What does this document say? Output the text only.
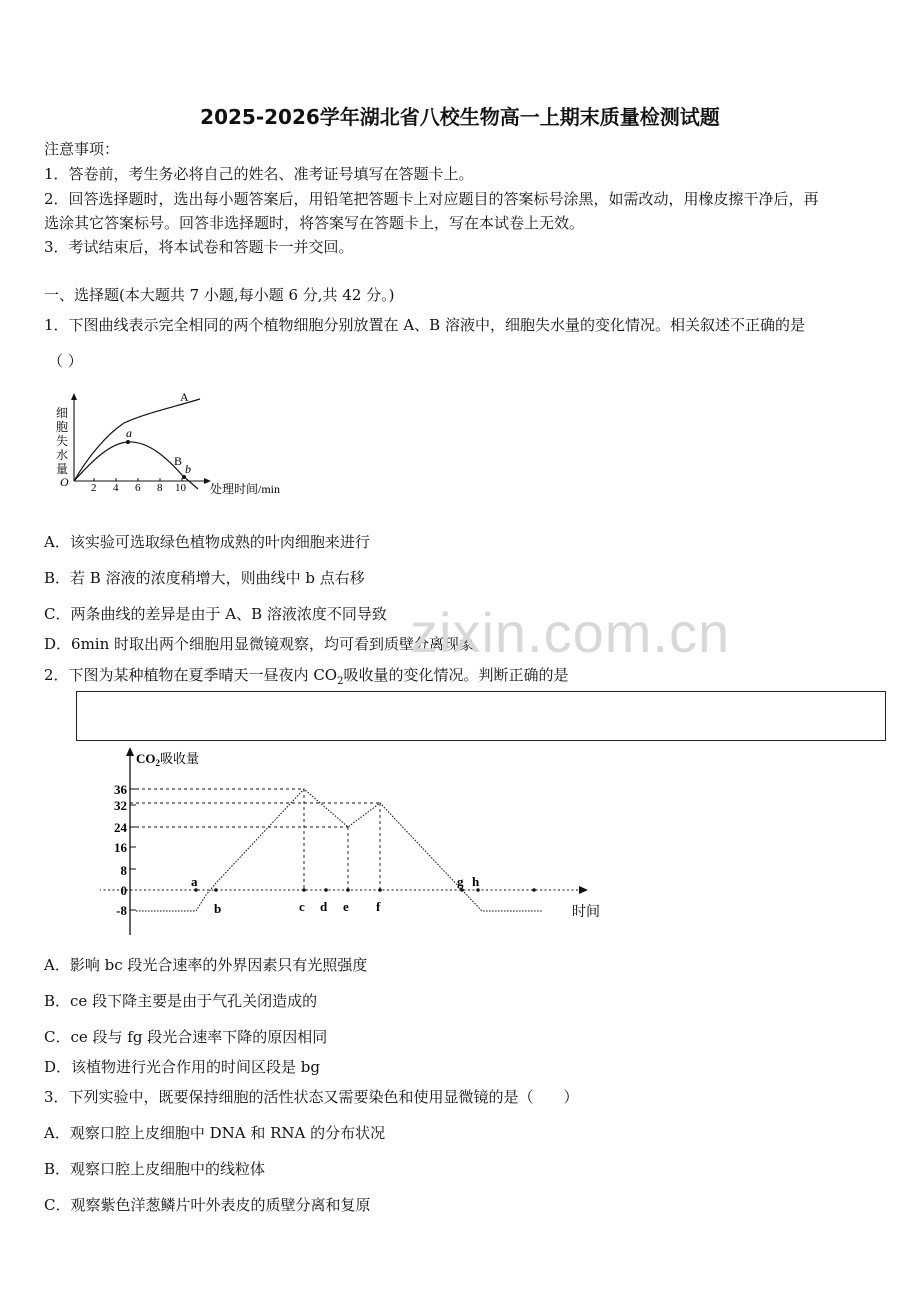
2025-2026学年湖北省八校生物高一上期末质量检测试题
注意事项：
1．答卷前，考生务必将自己的姓名、准考证号填写在答题卡上。
2．回答选择题时，选出每小题答案后，用铅笔把答题卡上对应题目的答案标号涂黑，如需改动，用橡皮擦干净后，再
选涂其它答案标号。回答非选择题时，将答案写在答题卡上，写在本试卷上无效。
3．考试结束后，将本试卷和答题卡一并交回。
一、选择题(本大题共 7 小题,每小题 6 分,共 42 分。)
1．下图曲线表示完全相同的两个植物细胞分别放置在 A、B 溶液中，细胞失水量的变化情况。相关叙述不正确的是
（ ）
细
胞
失
水
量
O 2 4 6 8 10 处理时间/min
A
a
B
b
A．该实验可选取绿色植物成熟的叶肉细胞来进行
B．若 B 溶液的浓度稍增大，则曲线中 b 点右移
C．两条曲线的差异是由于 A、B 溶液浓度不同导致
D．6min 时取出两个细胞用显微镜观察，均可看到质壁分离现象
zixin.com.cn
2．下图为某种植物在夏季晴天一昼夜内 $CO_2$吸收量的变化情况。判断正确的是
$CO_2$吸收量
时间
36
32
24
16
8
0
-8
a	g h
b	c d e f
A．影响 bc 段光合速率的外界因素只有光照强度
B．ce 段下降主要是由于气孔关闭造成的
C．ce 段与 fg 段光合速率下降的原因相同
D．该植物进行光合作用的时间区段是 bg
3．下列实验中，既要保持细胞的活性状态又需要染色和使用显微镜的是（　　）
A．观察口腔上皮细胞中 DNA 和 RNA 的分布状况
B．观察口腔上皮细胞中的线粒体
C．观察紫色洋葱鳞片叶外表皮的质壁分离和复原
